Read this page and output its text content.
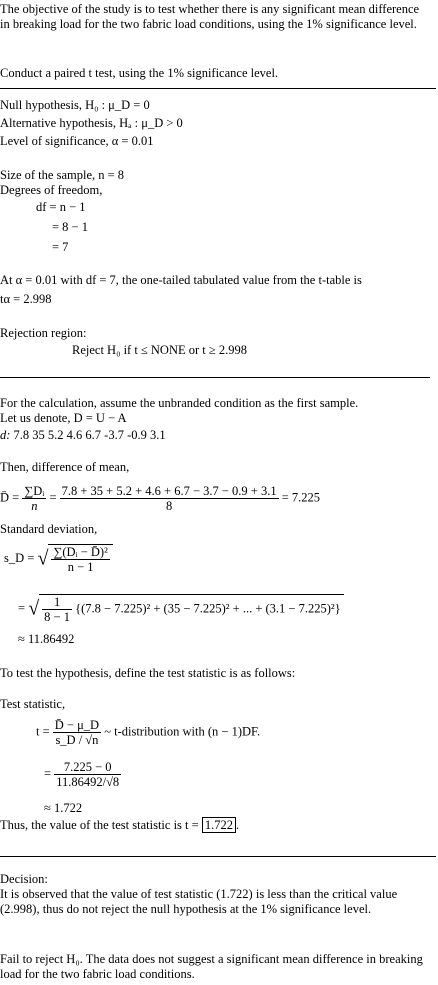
The objective of the study is to test whether there is any significant mean difference in breaking load for the two fabric load conditions, using the 1% significance level.
Conduct a paired t test, using the 1% significance level.
Null hypothesis, H₀ : μ_D = 0
Alternative hypothesis, Hₐ : μ_D > 0
Level of significance, α = 0.01
Size of the sample, n = 8
Degrees of freedom,
df = n − 1
= 8 − 1
= 7
At α = 0.01 with df = 7, the one-tailed tabulated value from the t-table is
tα = 2.998
Rejection region:
Reject H₀ if t ≤ NONE or t ≥ 2.998
For the calculation, assume the unbranded condition as the first sample.
Let us denote, D = U − A
d: 7.8 35 5.2 4.6 6.7 -3.7 -0.9 3.1
Then, difference of mean,
D̄ = $\frac{\text{∑Dᵢ}}{n} = \frac{7.8 + 35 + 5.2 + 4.6 + 6.7 - 3.7 - 0.9 + 3.1}{8} = 7.225$
Standard deviation,
s_D = √ $\frac{\text{∑(Dᵢ − D̄)²}}{n - 1}$
= √ $\frac{1}{8 - 1} \{(7.8 - 7.225)^2 + (35 - 7.225)^2$ + ... + (3.1 − 7.225)²}
≈ 11.86492
To test the hypothesis, define the test statistic is as follows:
Test statistic,
$t = \frac{D̄ - \mu\_D}{s\_D / √n}$ ~ t-distribution with (n − 1)DF.
= $\frac{7.225 - 0}{11.86492/√8}$
≈ 1.722
Thus, the value of the test statistic is t = 1.722 .
Decision:
It is observed that the value of test statistic (1.722) is less than the critical value (2.998), thus do not reject the null hypothesis at the 1% significance level.
Fail to reject H₀. The data does not suggest a significant mean difference in breaking load for the two fabric load conditions.
